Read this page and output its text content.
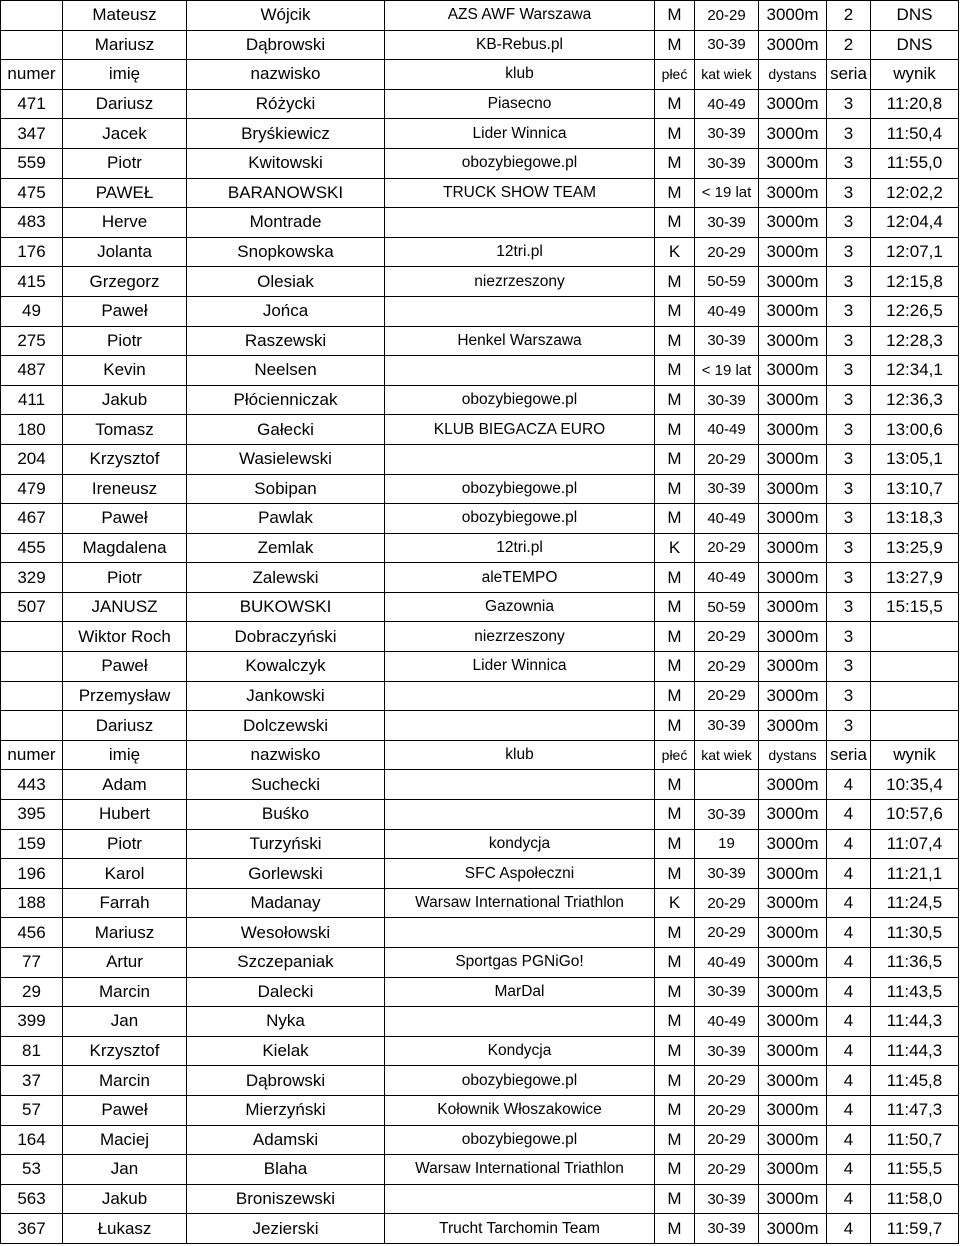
	Mateusz	Wójcik	AZS AWF Warszawa	M	20-29	3000m	2	DNS
	Mariusz	Dąbrowski	KB-Rebus.pl	M	30-39	3000m	2	DNS
numer	imię	nazwisko	klub	płeć	kat wiek	dystans	seria	wynik
471	Dariusz	Różycki	Piasecno	M	40-49	3000m	3	11:20,8
347	Jacek	Bryśkiewicz	Lider Winnica	M	30-39	3000m	3	11:50,4
559	Piotr	Kwitowski	obozybiegowe.pl	M	30-39	3000m	3	11:55,0
475	PAWEŁ	BARANOWSKI	TRUCK SHOW TEAM	M	< 19 lat	3000m	3	12:02,2
483	Herve	Montrade		M	30-39	3000m	3	12:04,4
176	Jolanta	Snopkowska	12tri.pl	K	20-29	3000m	3	12:07,1
415	Grzegorz	Olesiak	niezrzeszony	M	50-59	3000m	3	12:15,8
49	Paweł	Jońca		M	40-49	3000m	3	12:26,5
275	Piotr	Raszewski	Henkel Warszawa	M	30-39	3000m	3	12:28,3
487	Kevin	Neelsen		M	< 19 lat	3000m	3	12:34,1
411	Jakub	Płócienniczak	obozybiegowe.pl	M	30-39	3000m	3	12:36,3
180	Tomasz	Gałecki	KLUB BIEGACZA EURO	M	40-49	3000m	3	13:00,6
204	Krzysztof	Wasielewski		M	20-29	3000m	3	13:05,1
479	Ireneusz	Sobipan	obozybiegowe.pl	M	30-39	3000m	3	13:10,7
467	Paweł	Pawlak	obozybiegowe.pl	M	40-49	3000m	3	13:18,3
455	Magdalena	Zemlak	12tri.pl	K	20-29	3000m	3	13:25,9
329	Piotr	Zalewski	aleTEMPO	M	40-49	3000m	3	13:27,9
507	JANUSZ	BUKOWSKI	Gazownia	M	50-59	3000m	3	15:15,5
	Wiktor Roch	Dobraczyński	niezrzeszony	M	20-29	3000m	3	
	Paweł	Kowalczyk	Lider Winnica	M	20-29	3000m	3	
	Przemysław	Jankowski		M	20-29	3000m	3	
	Dariusz	Dolczewski		M	30-39	3000m	3	
numer	imię	nazwisko	klub	płeć	kat wiek	dystans	seria	wynik
443	Adam	Suchecki		M		3000m	4	10:35,4
395	Hubert	Buśko		M	30-39	3000m	4	10:57,6
159	Piotr	Turzyński	kondycja	M	19	3000m	4	11:07,4
196	Karol	Gorlewski	SFC Aspołeczni	M	30-39	3000m	4	11:21,1
188	Farrah	Madanay	Warsaw International Triathlon	K	20-29	3000m	4	11:24,5
456	Mariusz	Wesołowski		M	20-29	3000m	4	11:30,5
77	Artur	Szczepaniak	Sportgas PGNiGo!	M	40-49	3000m	4	11:36,5
29	Marcin	Dalecki	MarDal	M	30-39	3000m	4	11:43,5
399	Jan	Nyka		M	40-49	3000m	4	11:44,3
81	Krzysztof	Kielak	Kondycja	M	30-39	3000m	4	11:44,3
37	Marcin	Dąbrowski	obozybiegowe.pl	M	20-29	3000m	4	11:45,8
57	Paweł	Mierzyński	Kołownik Włoszakowice	M	20-29	3000m	4	11:47,3
164	Maciej	Adamski	obozybiegowe.pl	M	20-29	3000m	4	11:50,7
53	Jan	Blaha	Warsaw International Triathlon	M	20-29	3000m	4	11:55,5
563	Jakub	Broniszewski		M	30-39	3000m	4	11:58,0
367	Łukasz	Jezierski	Trucht Tarchomin Team	M	30-39	3000m	4	11:59,7
